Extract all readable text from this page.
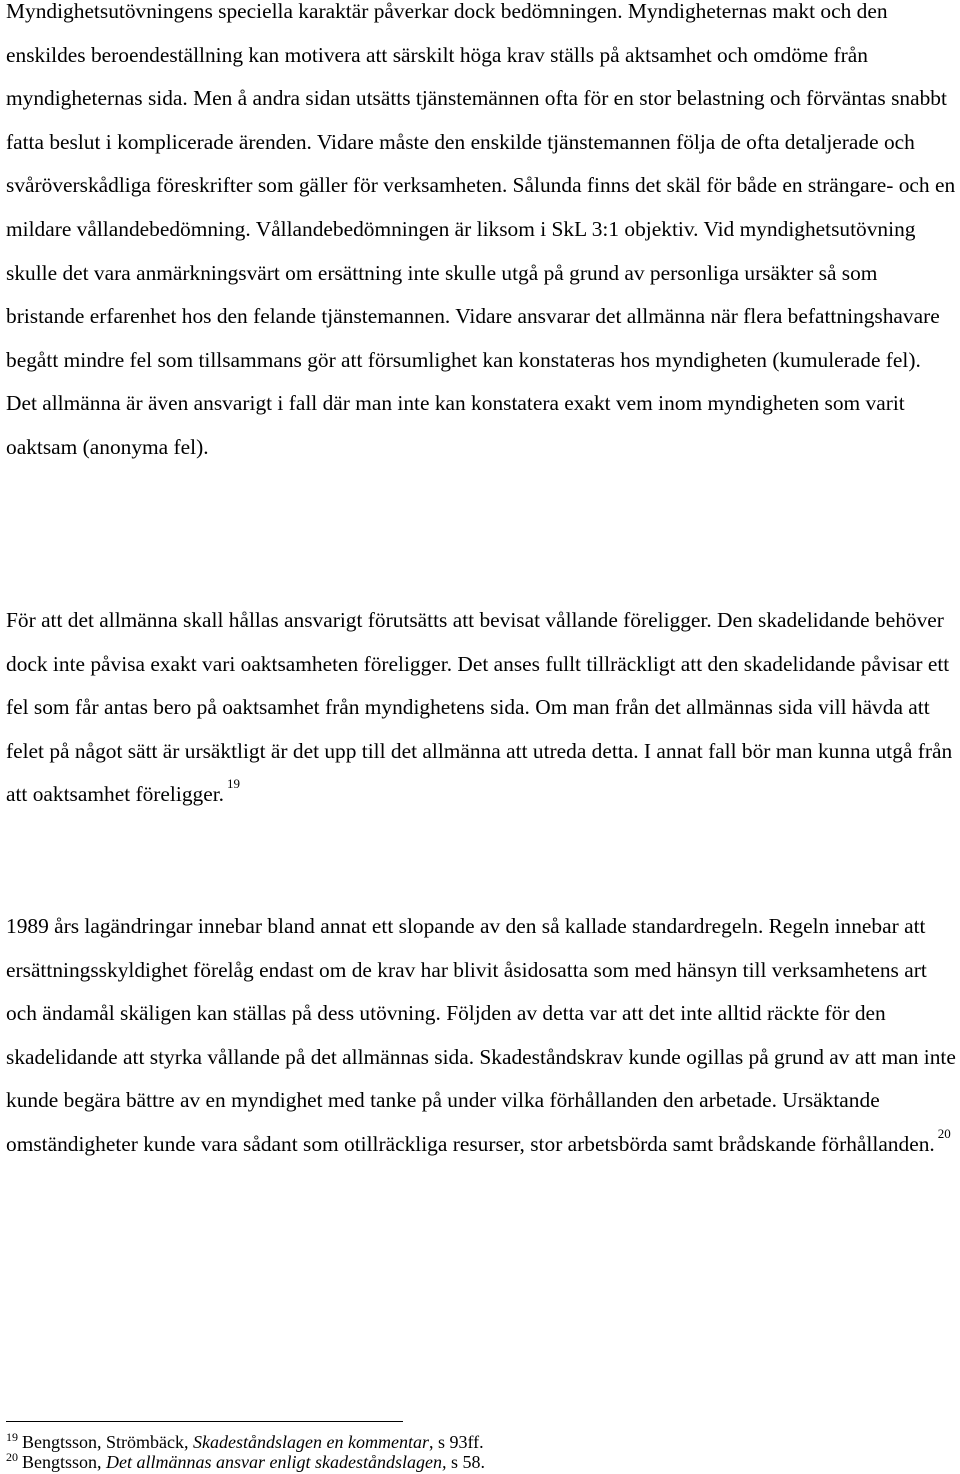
Myndighetsutövningens speciella karaktär påverkar dock bedömningen. Myndigheternas makt och den enskildes beroendeställning kan motivera att särskilt höga krav ställs på aktsamhet och omdöme från myndigheternas sida. Men å andra sidan utsätts tjänstemännen ofta för en stor belastning och förväntas snabbt fatta beslut i komplicerade ärenden. Vidare måste den enskilde tjänstemannen följa de ofta detaljerade och svåröverskådliga föreskrifter som gäller för verksamheten. Sålunda finns det skäl för både en strängare- och en mildare vållandebedömning. Vållandebedömningen är liksom i SkL 3:1 objektiv. Vid myndighetsutövning skulle det vara anmärkningsvärt om ersättning inte skulle utgå på grund av personliga ursäkter så som bristande erfarenhet hos den felande tjänstemannen. Vidare ansvarar det allmänna när flera befattningshavare begått mindre fel som tillsammans gör att försumlighet kan konstateras hos myndigheten (kumulerade fel). Det allmänna är även ansvarigt i fall där man inte kan konstatera exakt vem inom myndigheten som varit oaktsam (anonyma fel).

För att det allmänna skall hållas ansvarigt förutsätts att bevisat vållande föreligger. Den skadelidande behöver dock inte påvisa exakt vari oaktsamheten föreligger. Det anses fullt tillräckligt att den skadelidande påvisar ett fel som får antas bero på oaktsamhet från myndighetens sida. Om man från det allmännas sida vill hävda att felet på något sätt är ursäktligt är det upp till det allmänna att utreda detta. I annat fall bör man kunna utgå från att oaktsamhet föreligger. $^{19}$

1989 års lagändringar innebar bland annat ett slopande av den så kallade standardregeln. Regeln innebar att ersättningsskyldighet förelåg endast om de krav har blivit åsidosatta som med hänsyn till verksamhetens art och ändamål skäligen kan ställas på dess utövning. Följden av detta var att det inte alltid räckte för den skadelidande att styrka vållande på det allmännas sida. Skadeståndskrav kunde ogillas på grund av att man inte kunde begära bättre av en myndighet med tanke på under vilka förhållanden den arbetade. Ursäktande omständigheter kunde vara sådant som otillräckliga resurser, stor arbetsbörda samt brådskande förhållanden. $^{20}$

$^{19}$ Bengtsson, Strömbäck, Skadeståndslagen en kommentar, s 93ff.
$^{20}$ Bengtsson, Det allmännas ansvar enligt skadeståndslagen, s 58.
